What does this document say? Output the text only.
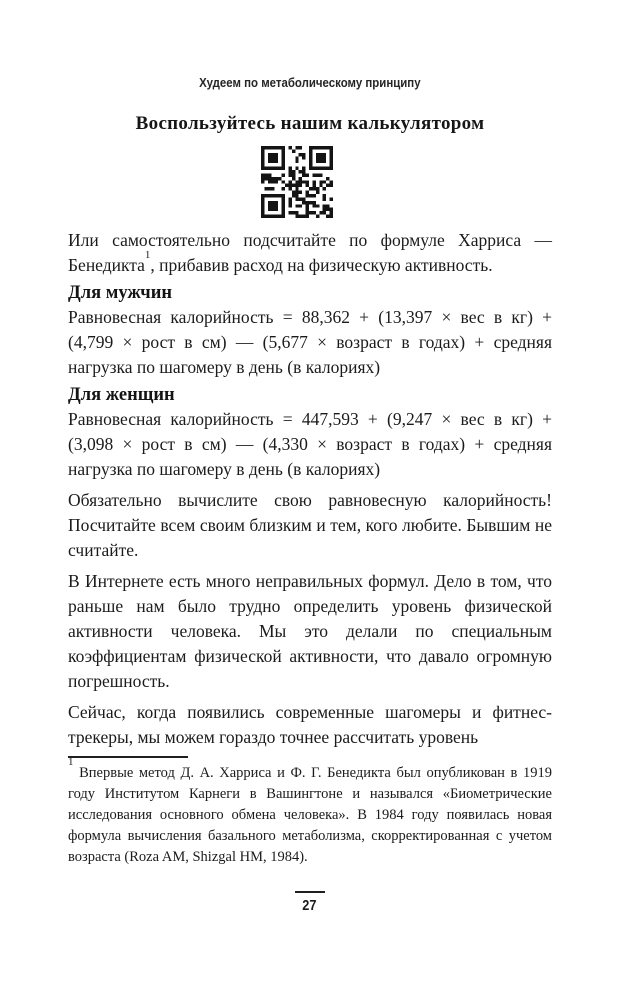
Худеем по метаболическому принципу
Воспользуйтесь нашим калькулятором

Или самостоятельно подсчитайте по формуле Харриса — Бенедикта$^1$, прибавив расход на физическую активность.

Для мужчин

Равновесная калорийность = 88,362 + (13,397 × вес в кг) + (4,799 × рост в см) — (5,677 × возраст в годах) + средняя нагрузка по шагомеру в день (в калориях)

Для женщин

Равновесная калорийность = 447,593 + (9,247 × вес в кг) + (3,098 × рост в см) — (4,330 × возраст в годах) + средняя нагрузка по шагомеру в день (в калориях)

Обязательно вычислите свою равновесную калорийность! Посчитайте всем своим близким и тем, кого любите. Бывшим не считайте.

В Интернете есть много неправильных формул. Дело в том, что раньше нам было трудно определить уровень физической активности человека. Мы это делали по специальным коэффициентам физической активности, что давало огромную погрешность.

Сейчас, когда появились современные шагомеры и фитнес-трекеры, мы можем гораздо точнее рассчитать уровень

$^1$ Впервые метод Д. А. Харриса и Ф. Г. Бенедикта был опубликован в 1919 году Институтом Карнеги в Вашингтоне и назывался «Биометрические исследования основного обмена человека». В 1984 году появилась новая формула вычисления базального метаболизма, скорректированная с учетом возраста (Roza AM, Shizgal HM, 1984).

27
